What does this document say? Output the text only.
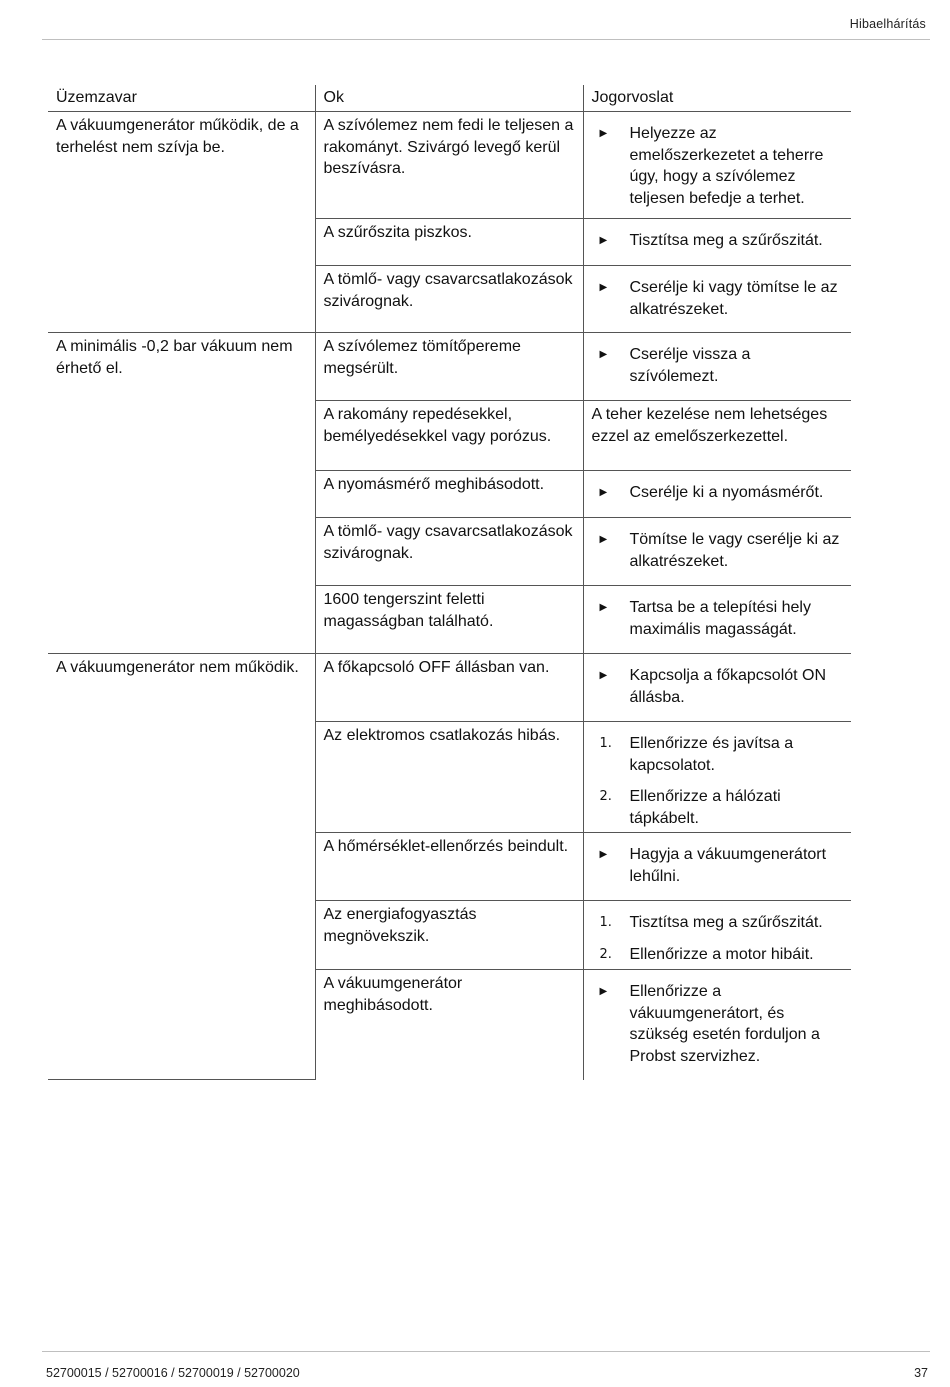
Hibaelhárítás
Üzemzavar	Ok	Jogorvoslat
A vákuumgenerátor működik, de a terhelést nem szívja be.	A szívólemez nem fedi le teljesen a rakományt. Szivárgó levegő kerül beszívásra.	▶ Helyezze az emelőszerkezetet a teherre úgy, hogy a szívólemez teljesen befedje a terhet.

	A szűrőszita piszkos.	▶ Tisztítsa meg a szűrőszitát.

	A tömlő- vagy csavarcsatlakozások szivárognak.	▶ Cserélje ki vagy tömítse le az alkatrészeket.

A minimális -0,2 bar vákuum nem érhető el.	A szívólemez tömítőpereme megsérült.	▶ Cserélje vissza a szívólemezt.

	A rakomány repedésekkel, bemélyedésekkel vagy porózus.	A teher kezelése nem lehetséges ezzel az emelőszerkezettel.

	A nyomásmérő meghibásodott.	▶ Cserélje ki a nyomásmérőt.

	A tömlő- vagy csavarcsatlakozások szivárognak.	▶ Tömítse le vagy cserélje ki az alkatrészeket.

	1600 tengerszint feletti magasságban található.	▶ Tartsa be a telepítési hely maximális magasságát.

A vákuumgenerátor nem működik.	A főkapcsoló OFF állásban van.	▶ Kapcsolja a főkapcsolót ON állásba.

	Az elektromos csatlakozás hibás.	1. Ellenőrizze és javítsa a kapcsolatot.
2. Ellenőrizze a hálózati tápkábelt.

	A hőmérséklet-ellenőrzés beindult.	▶ Hagyja a vákuumgenerátort lehűlni.

	Az energiafogyasztás megnövekszik.	1. Tisztítsa meg a szűrőszitát.
2. Ellenőrizze a motor hibáit.

	A vákuumgenerátor meghibásodott.	▶ Ellenőrizze a vákuumgenerátort, és szükség esetén forduljon a Probst szervizhez.
52700015 / 52700016 / 52700019 / 52700020	37
